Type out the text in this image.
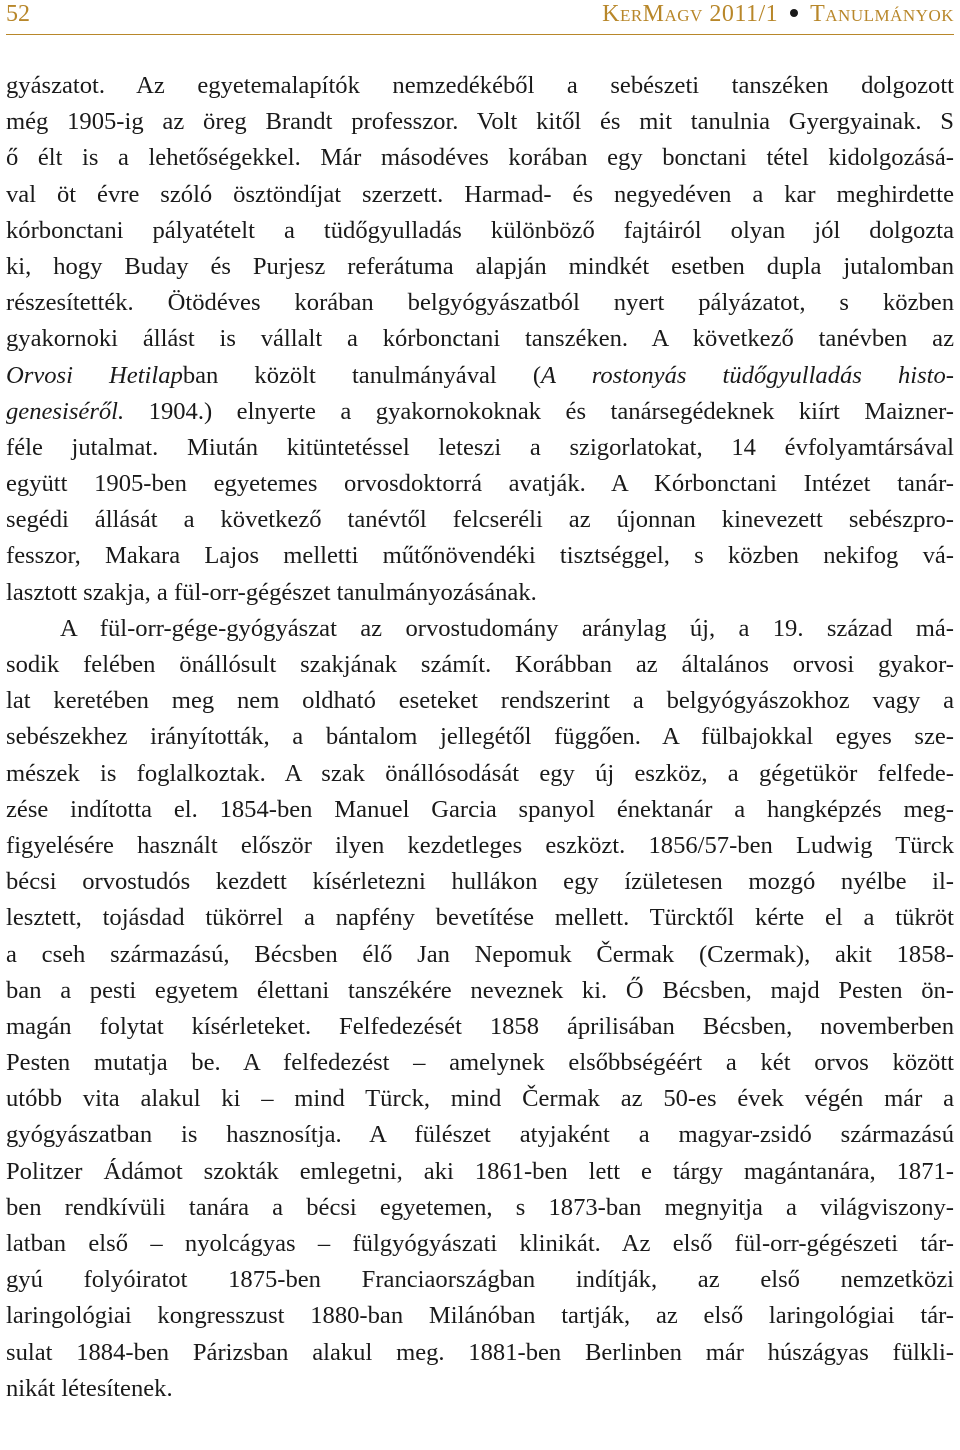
52	KerMagv 2011/1 Tanulmányok
gyászatot. Az egyetemalapítók nemzedékéből a sebészeti tanszéken dolgozott
még 1905-ig az öreg Brandt professzor. Volt kitől és mit tanulnia Gyergyainak. S
ő élt is a lehetőségekkel. Már másodéves korában egy bonctani tétel kidolgozásá-
val öt évre szóló ösztöndíjat szerzett. Harmad- és negyedéven a kar meghirdette
kórbonctani pályatételt a tüdőgyulladás különböző fajtáiról olyan jól dolgozta
ki, hogy Buday és Purjesz referátuma alapján mindkét esetben dupla jutalomban
részesítették. Ötödéves korában belgyógyászatból nyert pályázatot, s közben
gyakornoki állást is vállalt a kórbonctani tanszéken. A következő tanévben az
Orvosi Hetilapban közölt tanulmányával (A rostonyás tüdőgyulladás histo-
genesiséről. 1904.) elnyerte a gyakornokoknak és tanársegédeknek kiírt Maizner-
féle jutalmat. Miután kitüntetéssel leteszi a szigorlatokat, 14 évfolyamtársával
együtt 1905-ben egyetemes orvosdoktorrá avatják. A Kórbonctani Intézet tanár-
segédi állását a következő tanévtől felcseréli az újonnan kinevezett sebészpro-
fesszor, Makara Lajos melletti műtőnövendéki tisztséggel, s közben nekifog vá-
lasztott szakja, a fül-orr-gégészet tanulmányozásának.
A fül-orr-gége-gyógyászat az orvostudomány aránylag új, a 19. század má-
sodik felében önállósult szakjának számít. Korábban az általános orvosi gyakor-
lat keretében meg nem oldható eseteket rendszerint a belgyógyászokhoz vagy a
sebészekhez irányították, a bántalom jellegétől függően. A fülbajokkal egyes sze-
mészek is foglalkoztak. A szak önállósodását egy új eszköz, a gégetükör felfede-
zése indította el. 1854-ben Manuel Garcia spanyol énektanár a hangképzés meg-
figyelésére használt először ilyen kezdetleges eszközt. 1856/57-ben Ludwig Türck
bécsi orvostudós kezdett kísérletezni hullákon egy ízületesen mozgó nyélbe il-
lesztett, tojásdad tükörrel a napfény bevetítése mellett. Türcktől kérte el a tükröt
a cseh származású, Bécsben élő Jan Nepomuk Čermak (Czermak), akit 1858-
ban a pesti egyetem élettani tanszékére neveznek ki. Ő Bécsben, majd Pesten ön-
magán folytat kísérleteket. Felfedezését 1858 áprilisában Bécsben, novemberben
Pesten mutatja be. A felfedezést – amelynek elsőbbségéért a két orvos között
utóbb vita alakul ki – mind Türck, mind Čermak az 50-es évek végén már a
gyógyászatban is hasznosítja. A fülészet atyjaként a magyar-zsidó származású
Politzer Ádámot szokták emlegetni, aki 1861-ben lett e tárgy magántanára, 1871-
ben rendkívüli tanára a bécsi egyetemen, s 1873-ban megnyitja a világviszony-
latban első – nyolcágyas – fülgyógyászati klinikát. Az első fül-orr-gégészeti tár-
gyú folyóiratot 1875-ben Franciaországban indítják, az első nemzetközi
laringológiai kongresszust 1880-ban Milánóban tartják, az első laringológiai tár-
sulat 1884-ben Párizsban alakul meg. 1881-ben Berlinben már húszágyas fülkli-
nikát létesítenek.
